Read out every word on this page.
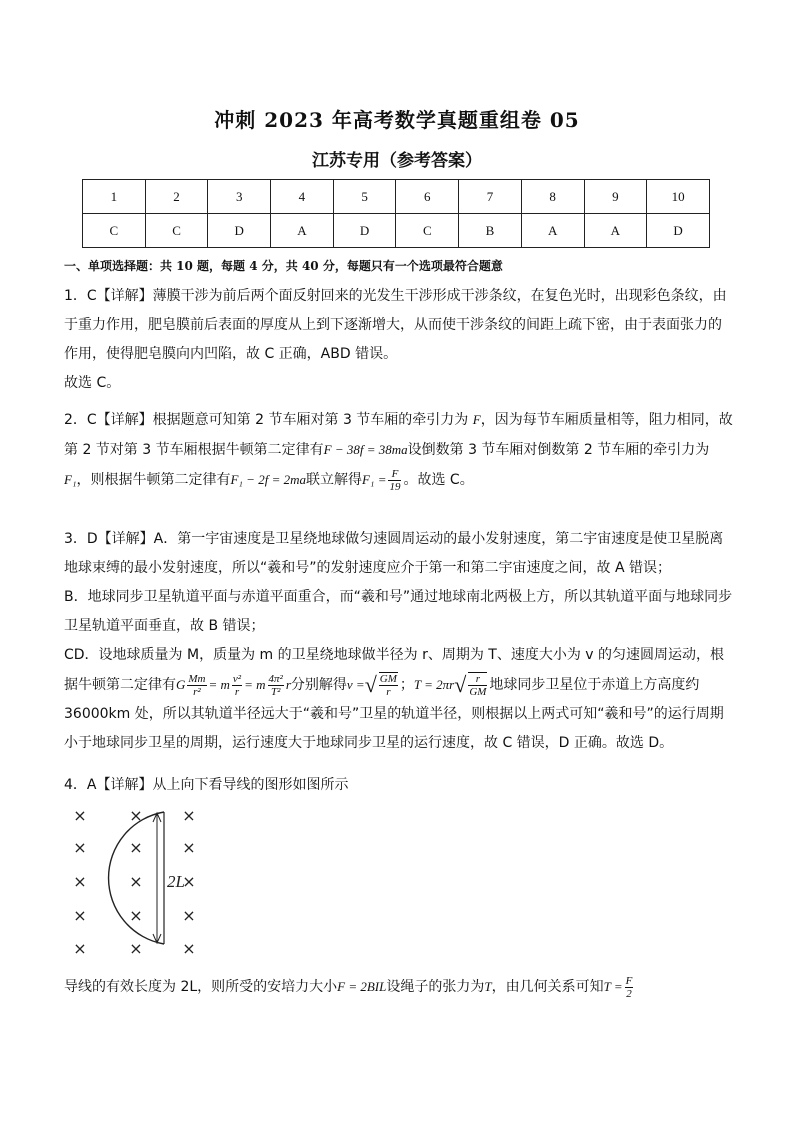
冲刺 2023 年高考数学真题重组卷 05
江苏专用（参考答案）
1	2	3	4	5	6	7	8	9	10
C	C	D	A	D	C	B	A	A	D
一、单项选择题：共 10 题，每题 4 分，共 40 分，每题只有一个选项最符合题意

1．C【详解】薄膜干涉为前后两个面反射回来的光发生干涉形成干涉条纹，在复色光时，出现彩色条纹，由于重力作用，肥皂膜前后表面的厚度从上到下逐渐增大，从而使干涉条纹的间距上疏下密，由于表面张力的作用，使得肥皂膜向内凹陷，故 C 正确，ABD 错误。

故选 C。

2．C【详解】根据题意可知第 2 节车厢对第 3 节车厢的牵引力为 F，因为每节车厢质量相等，阻力相同，故第 2 节对第 3 节车厢根据牛顿第二定律有F − 38f = 38ma设倒数第 3 节车厢对倒数第 2 节车厢的牵引力为 F₁，则根据牛顿第二定律有F₁ − 2f = 2ma联立解得$F_1 = \frac{F}{19}$ 。故选 C。

3．D【详解】A．第一宇宙速度是卫星绕地球做匀速圆周运动的最小发射速度，第二宇宙速度是使卫星脱离地球束缚的最小发射速度，所以“羲和号”的发射速度应介于第一和第二宇宙速度之间，故 A 错误；

B．地球同步卫星轨道平面与赤道平面重合，而“羲和号”通过地球南北两极上方，所以其轨道平面与地球同步卫星轨道平面垂直，故 B 错误；

CD．设地球质量为 M，质量为 m 的卫星绕地球做半径为 r、周期为 T、速度大小为 v 的匀速圆周运动，根据牛顿第二定律有G $\frac{Mm}{\text{r²}} = m \frac{\text{v²}}{r} = m \frac{\text{4π²}}{\text{T²}}$ r分别解得v =√ $\frac{GM}{r}$ ；$T = 2\pi r√ \frac{r}{GM}$ 地球同步卫星位于赤道上方高度约 36000km 处，所以其轨道半径远大于“羲和号”卫星的轨道半径，则根据以上两式可知“羲和号”的运行周期小于地球同步卫星的周期，运行速度大于地球同步卫星的运行速度，故 C 错误，D 正确。故选 D。

4．A【详解】从上向下看导线的图形如图所示
×	× ×
×	× ×
×	× ×
×	× ×
×	× ×
2L

导线的有效长度为 2L，则所受的安培力大小F = 2BIL设绳子的张力为T，由几何关系可知$T = \frac{F}{2}$
